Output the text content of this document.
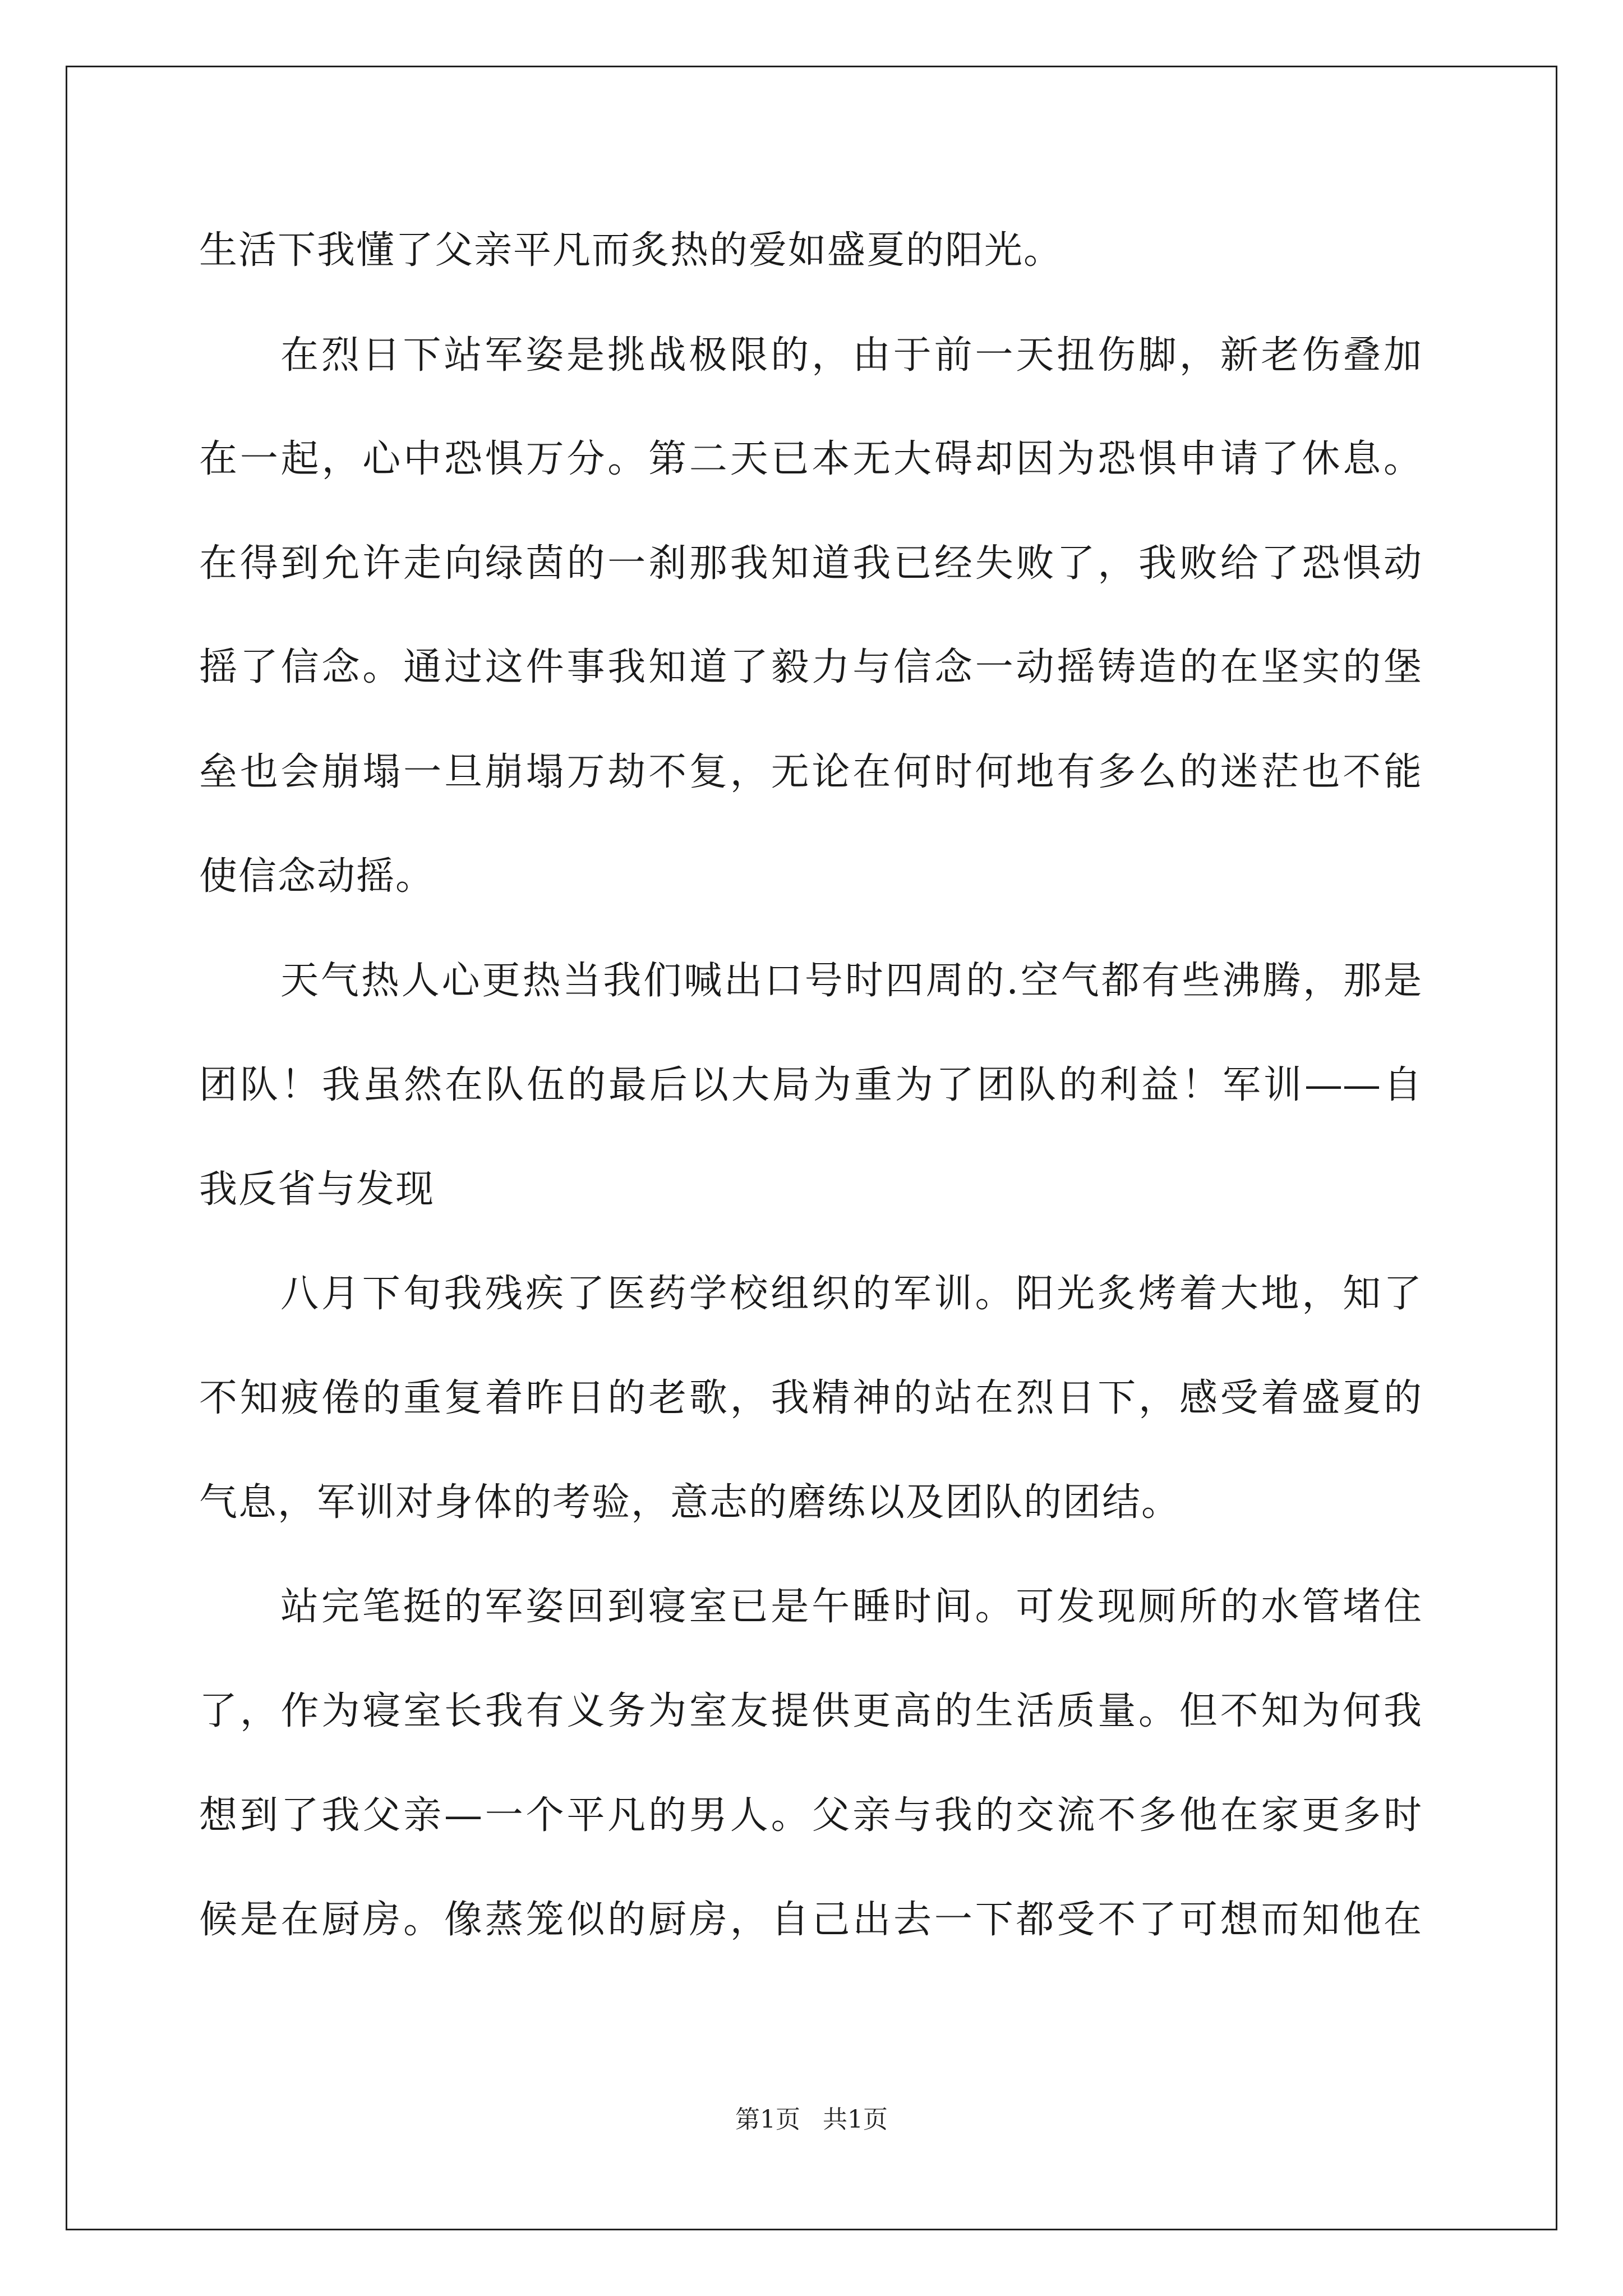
生活下我懂了父亲平凡而炙热的爱如盛夏的阳光。
在烈日下站军姿是挑战极限的，由于前一天扭伤脚，新老伤叠加
在一起，心中恐惧万分。第二天已本无大碍却因为恐惧申请了休息。
在得到允许走向绿茵的一刹那我知道我已经失败了，我败给了恐惧动
摇了信念。通过这件事我知道了毅力与信念一动摇铸造的在坚实的堡
垒也会崩塌一旦崩塌万劫不复，无论在何时何地有多么的迷茫也不能
使信念动摇。
天气热人心更热当我们喊出口号时四周的.空气都有些沸腾，那是
团队！我虽然在队伍的最后以大局为重为了团队的利益！军训——自
我反省与发现
八月下旬我残疾了医药学校组织的军训。阳光炙烤着大地，知了
不知疲倦的重复着昨日的老歌，我精神的站在烈日下，感受着盛夏的
气息，军训对身体的考验，意志的磨练以及团队的团结。
站完笔挺的军姿回到寝室已是午睡时间。可发现厕所的水管堵住
了，作为寝室长我有义务为室友提供更高的生活质量。但不知为何我
想到了我父亲—一个平凡的男人。父亲与我的交流不多他在家更多时
候是在厨房。像蒸笼似的厨房，自己出去一下都受不了可想而知他在
第1页 共1页
